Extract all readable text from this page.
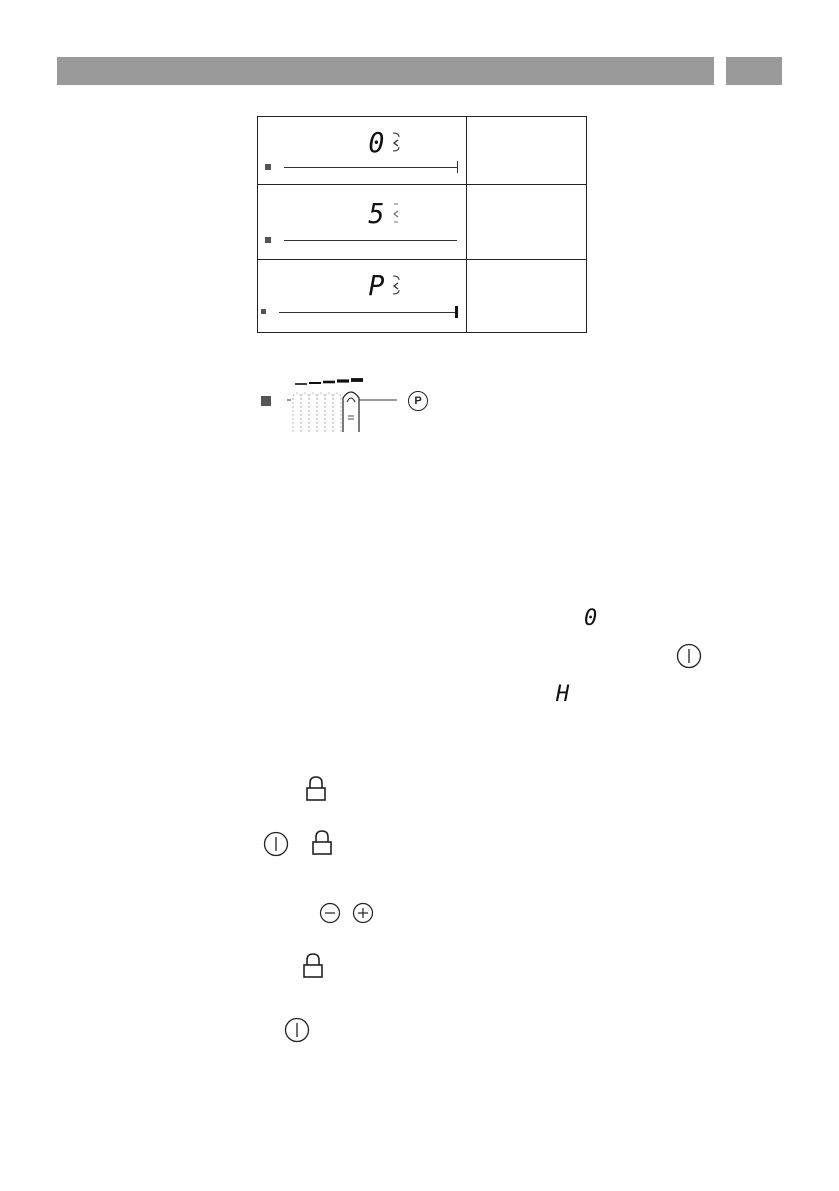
0
5
P
P
0
H
